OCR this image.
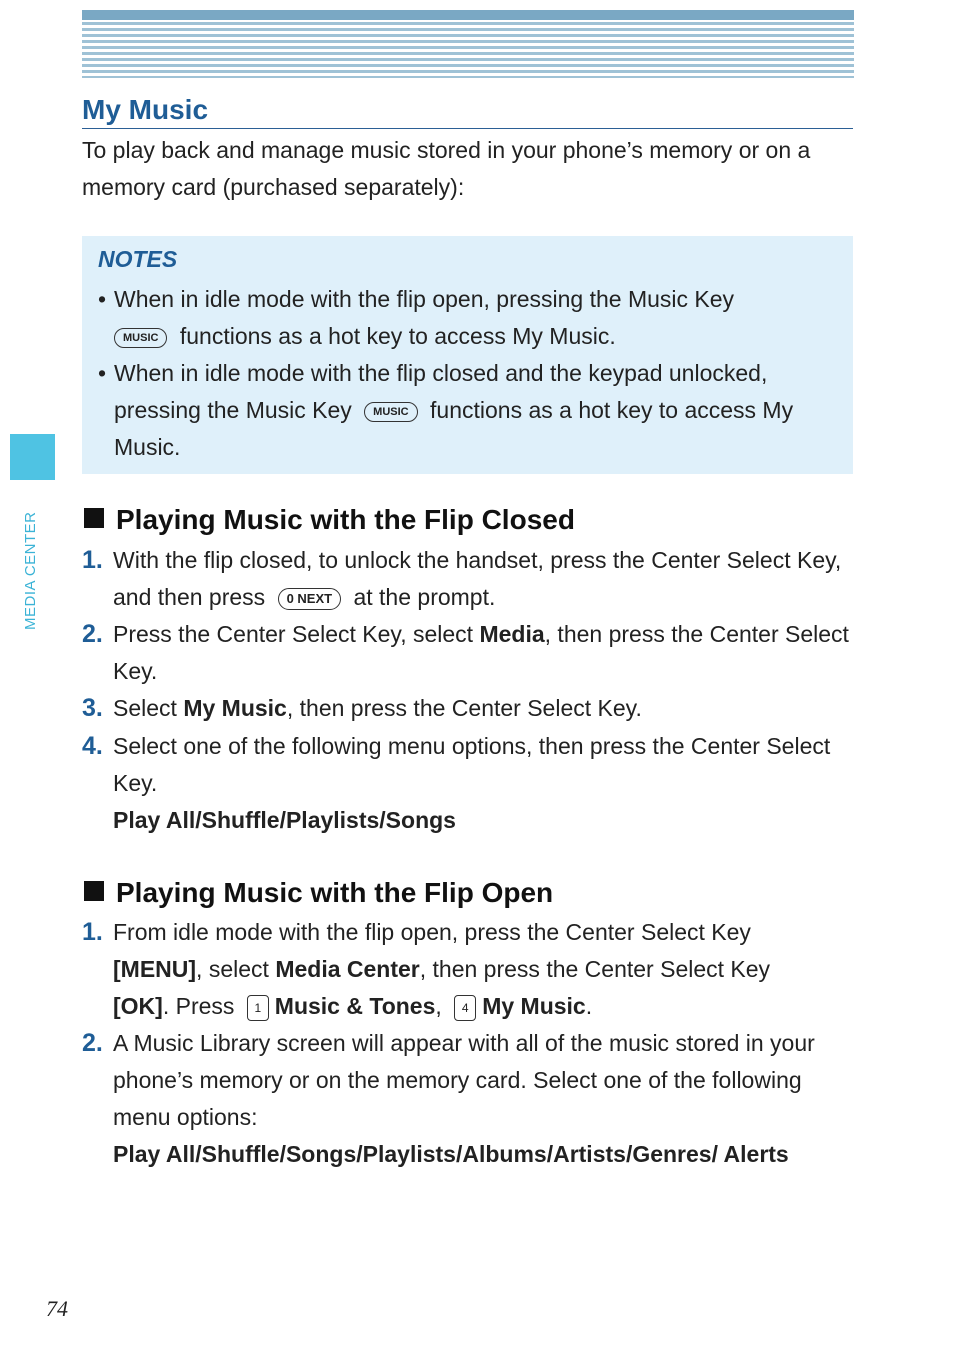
MEDIA CENTER
My Music
To play back and manage music stored in your phone’s memory or on a memory card (purchased separately):
NOTES
• When in idle mode with the flip open, pressing the Music Key
MUSIC functions as a hot key to access My Music.
• When in idle mode with the flip closed and the keypad unlocked, pressing the Music Key MUSIC functions as a hot key to access My Music.
Playing Music with the Flip Closed
1. With the flip closed, to unlock the handset, press the Center Select Key, and then press 0 NEXT at the prompt.
2. Press the Center Select Key, select Media, then press the Center Select Key.
3. Select My Music, then press the Center Select Key.
4. Select one of the following menu options, then press the Center Select Key.
Play All/Shuffle/Playlists/Songs
Playing Music with the Flip Open
1. From idle mode with the flip open, press the Center Select Key
[MENU], select Media Center, then press the Center Select Key
[OK]. Press 1 Music & Tones, 4 My Music.
2. A Music Library screen will appear with all of the music stored in your phone’s memory or on the memory card. Select one of the following menu options:
Play All/Shuffle/Songs/Playlists/Albums/Artists/Genres/ Alerts
74
